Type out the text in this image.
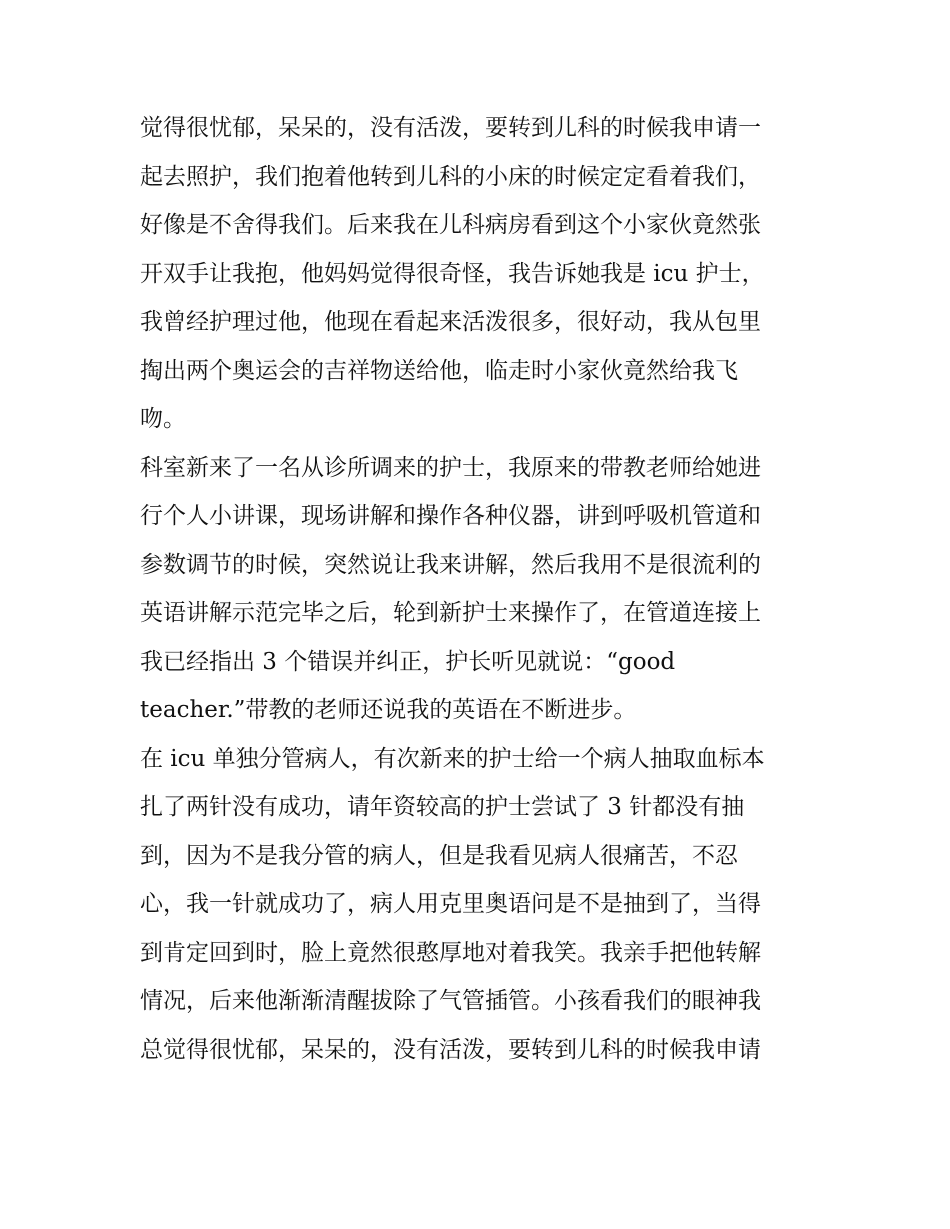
觉得很忧郁，呆呆的，没有活泼，要转到儿科的时候我申请一
起去照护，我们抱着他转到儿科的小床的时候定定看着我们，
好像是不舍得我们。后来我在儿科病房看到这个小家伙竟然张
开双手让我抱，他妈妈觉得很奇怪，我告诉她我是 icu 护士，
我曾经护理过他，他现在看起来活泼很多，很好动，我从包里
掏出两个奥运会的吉祥物送给他，临走时小家伙竟然给我飞
吻。
科室新来了一名从诊所调来的护士，我原来的带教老师给她进
行个人小讲课，现场讲解和操作各种仪器，讲到呼吸机管道和
参数调节的时候，突然说让我来讲解，然后我用不是很流利的
英语讲解示范完毕之后，轮到新护士来操作了，在管道连接上
我已经指出 3 个错误并纠正，护长听见就说：“good
teacher.”带教的老师还说我的英语在不断进步。
在 icu 单独分管病人，有次新来的护士给一个病人抽取血标本
扎了两针没有成功，请年资较高的护士尝试了 3 针都没有抽
到，因为不是我分管的病人，但是我看见病人很痛苦，不忍
心，我一针就成功了，病人用克里奥语问是不是抽到了，当得
到肯定回到时，脸上竟然很憨厚地对着我笑。我亲手把他转解
情况，后来他渐渐清醒拔除了气管插管。小孩看我们的眼神我
总觉得很忧郁，呆呆的，没有活泼，要转到儿科的时候我申请
